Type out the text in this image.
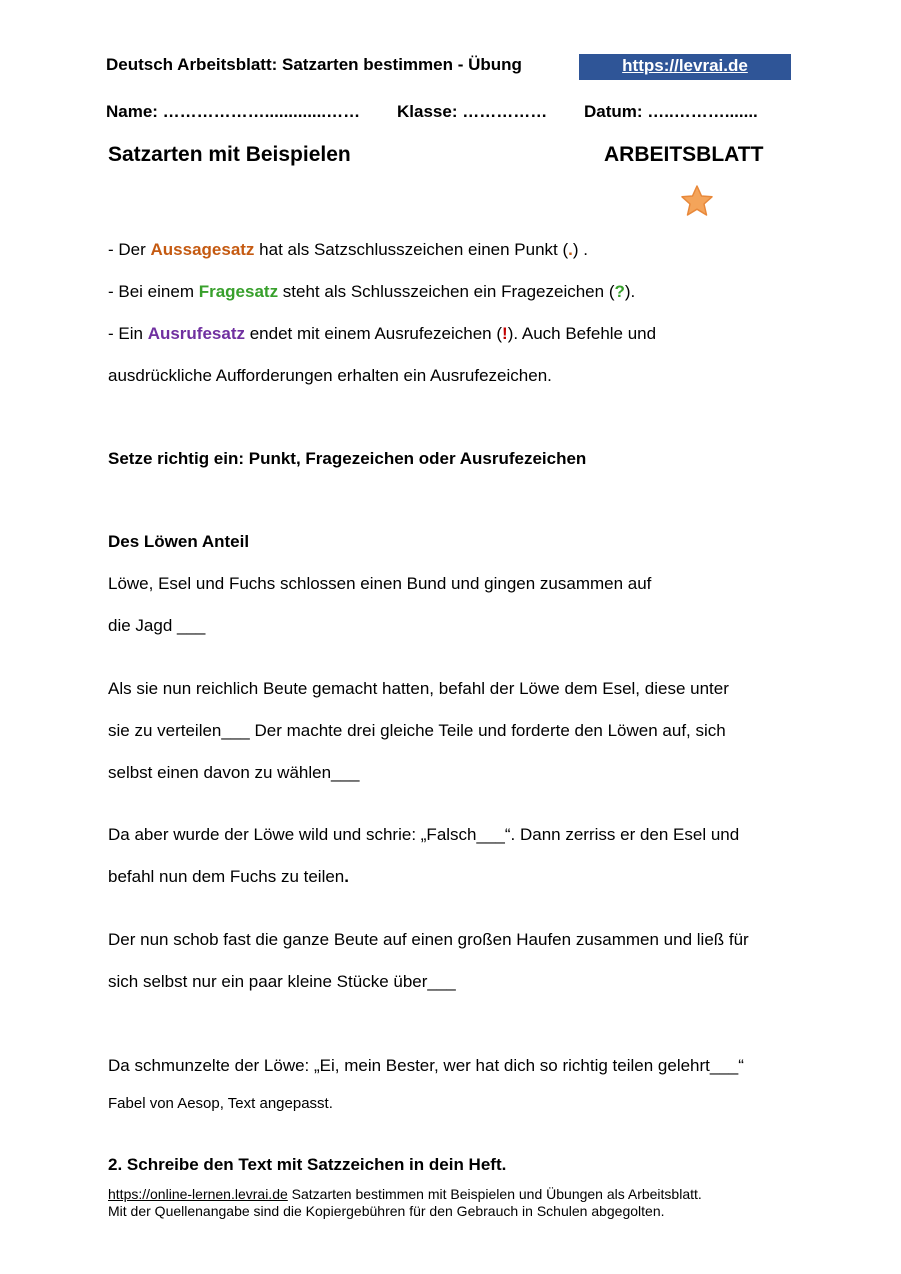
Deutsch Arbeitsblatt: Satzarten bestimmen - Übung	https://levrai.de
Name: ……………….............…… Klasse: …………… Datum: …..……….......
Satzarten mit Beispielen	ARBEITSBLATT
- Der Aussagesatz hat als Satzschlusszeichen einen Punkt (.) .
- Bei einem Fragesatz steht als Schlusszeichen ein Fragezeichen (?).
- Ein Ausrufesatz endet mit einem Ausrufezeichen (!). Auch Befehle und
ausdrückliche Aufforderungen erhalten ein Ausrufezeichen.
Setze richtig ein: Punkt, Fragezeichen oder Ausrufezeichen
Des Löwen Anteil
Löwe, Esel und Fuchs schlossen einen Bund und gingen zusammen auf
die Jagd ___
Als sie nun reichlich Beute gemacht hatten, befahl der Löwe dem Esel, diese unter
sie zu verteilen___ Der machte drei gleiche Teile und forderte den Löwen auf, sich
selbst einen davon zu wählen___
Da aber wurde der Löwe wild und schrie: „Falsch___“. Dann zerriss er den Esel und
befahl nun dem Fuchs zu teilen.
Der nun schob fast die ganze Beute auf einen großen Haufen zusammen und ließ für
sich selbst nur ein paar kleine Stücke über___
Da schmunzelte der Löwe: „Ei, mein Bester, wer hat dich so richtig teilen gelehrt___“
Fabel von Aesop, Text angepasst.
2. Schreibe den Text mit Satzzeichen in dein Heft.
https://online-lernen.levrai.de Satzarten bestimmen mit Beispielen und Übungen als Arbeitsblatt.
Mit der Quellenangabe sind die Kopiergebühren für den Gebrauch in Schulen abgegolten.
